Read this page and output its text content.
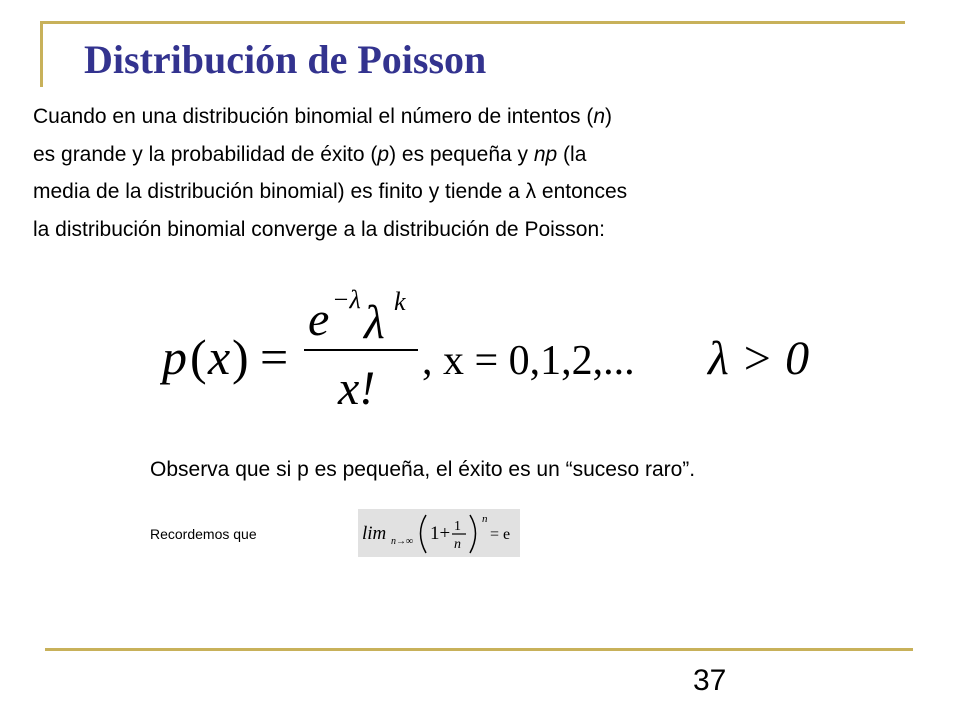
Distribución de Poisson
Cuando en una distribución binomial el número de intentos (n)
es grande y la probabilidad de éxito (p) es pequeña y np (la
media de la distribución binomial) es finito y tiende a λ entonces
la distribución binomial converge a la distribución de Poisson:
p ( x ) =
e −λ λ k
x!
, x = 0,1,2,... λ > 0
Observa que si p es pequeña, el éxito es un “suceso raro”.
Recordemos que	lim n→∞ 1+ 1
n
n
= e
37
